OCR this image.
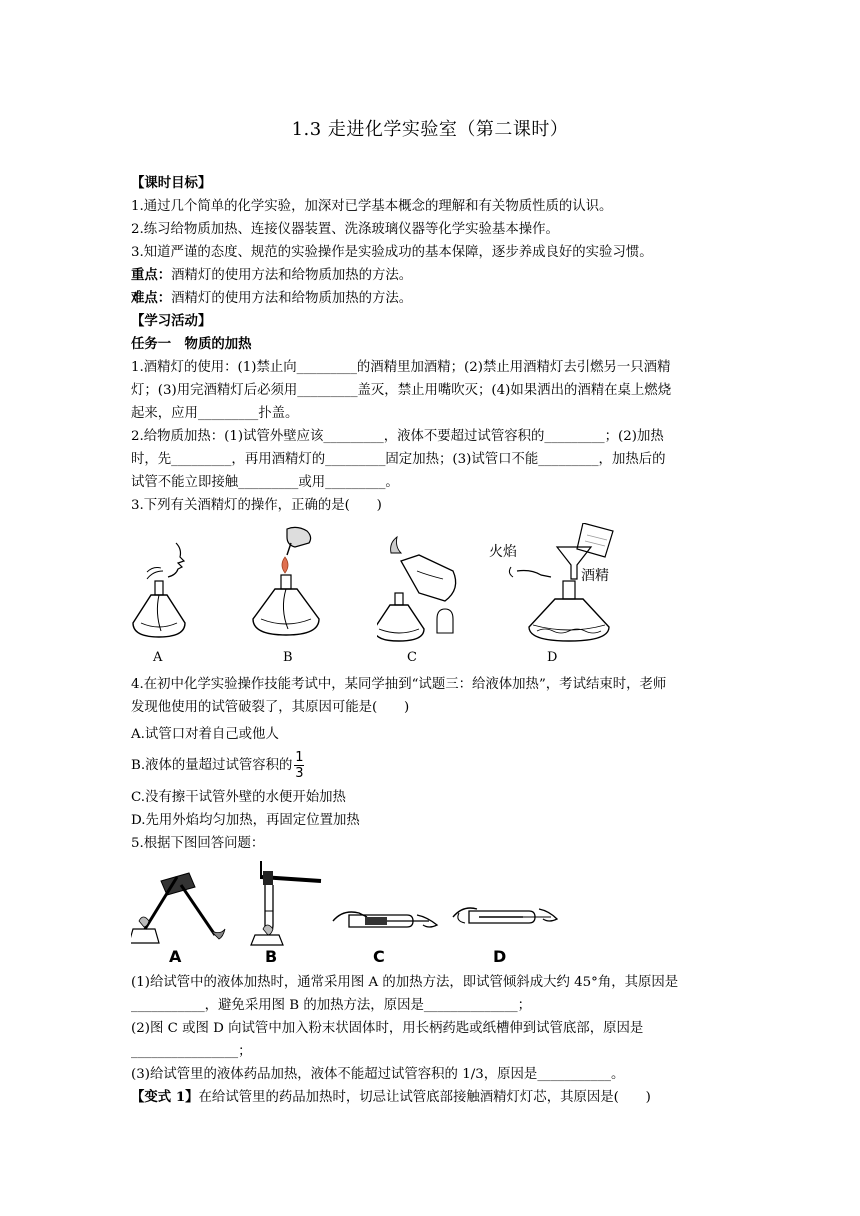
1.3 走进化学实验室（第二课时）
【课时目标】
1.通过几个简单的化学实验，加深对已学基本概念的理解和有关物质性质的认识。
2.练习给物质加热、连接仪器装置、洗涤玻璃仪器等化学实验基本操作。
3.知道严谨的态度、规范的实验操作是实验成功的基本保障，逐步养成良好的实验习惯。
重点：酒精灯的使用方法和给物质加热的方法。
难点：酒精灯的使用方法和给物质加热的方法。
【学习活动】
任务一　物质的加热
1.酒精灯的使用：(1)禁止向_________的酒精里加酒精；(2)禁止用酒精灯去引燃另一只酒精
灯；(3)用完酒精灯后必须用_________盖灭，禁止用嘴吹灭；(4)如果洒出的酒精在桌上燃烧
起来，应用_________扑盖。
2.给物质加热：(1)试管外壁应该_________，液体不要超过试管容积的_________；(2)加热
时，先_________，再用酒精灯的_________固定加热；(3)试管口不能_________，加热后的
试管不能立即接触_________或用_________。
3.下列有关酒精灯的操作，正确的是(　　)
A	B	C
火焰
酒精
D
4.在初中化学实验操作技能考试中，某同学抽到“试题三：给液体加热”，考试结束时，老师
发现他使用的试管破裂了，其原因可能是(　　)
A.试管口对着自己或他人
B.液体的量超过试管容积的 $\frac{1}{3}$
C.没有擦干试管外壁的水便开始加热
D.先用外焰均匀加热，再固定位置加热
5.根据下图回答问题：
A	B	C	D
(1)给试管中的液体加热时，通常采用图 A 的加热方法，即试管倾斜成大约 45°角，其原因是
___________，避免采用图 B 的加热方法，原因是______________；
(2)图 C 或图 D 向试管中加入粉末状固体时，用长柄药匙或纸槽伸到试管底部，原因是
________________；
(3)给试管里的液体药品加热，液体不能超过试管容积的 1/3，原因是___________。
【变式 1】在给试管里的药品加热时，切忌让试管底部接触酒精灯灯芯，其原因是(　　)
